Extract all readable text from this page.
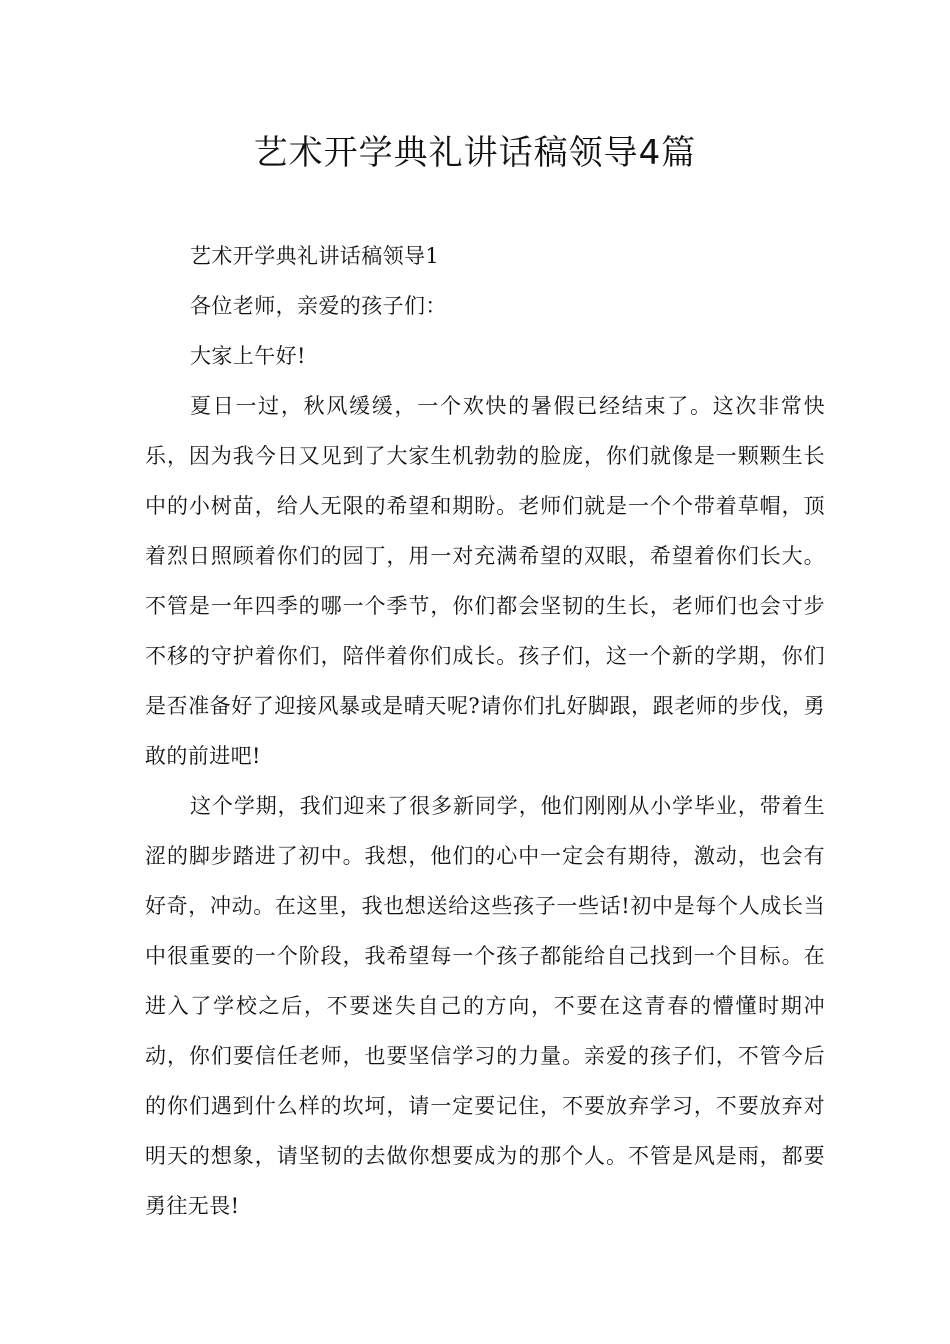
艺术开学典礼讲话稿领导4篇

艺术开学典礼讲话稿领导1

各位老师，亲爱的孩子们：

大家上午好!

夏日一过，秋风缓缓，一个欢快的暑假已经结束了。这次非常快乐，因为我今日又见到了大家生机勃勃的脸庞，你们就像是一颗颗生长中的小树苗，给人无限的希望和期盼。老师们就是一个个带着草帽，顶着烈日照顾着你们的园丁，用一对充满希望的双眼，希望着你们长大。不管是一年四季的哪一个季节，你们都会坚韧的生长，老师们也会寸步不移的守护着你们，陪伴着你们成长。孩子们，这一个新的学期，你们是否准备好了迎接风暴或是晴天呢?请你们扎好脚跟，跟老师的步伐，勇敢的前进吧!

这个学期，我们迎来了很多新同学，他们刚刚从小学毕业，带着生涩的脚步踏进了初中。我想，他们的心中一定会有期待，激动，也会有好奇，冲动。在这里，我也想送给这些孩子一些话!初中是每个人成长当中很重要的一个阶段，我希望每一个孩子都能给自己找到一个目标。在进入了学校之后，不要迷失自己的方向，不要在这青春的懵懂时期冲动，你们要信任老师，也要坚信学习的力量。亲爱的孩子们，不管今后的你们遇到什么样的坎坷，请一定要记住，不要放弃学习，不要放弃对明天的想象，请坚韧的去做你想要成为的那个人。不管是风是雨，都要勇往无畏!
